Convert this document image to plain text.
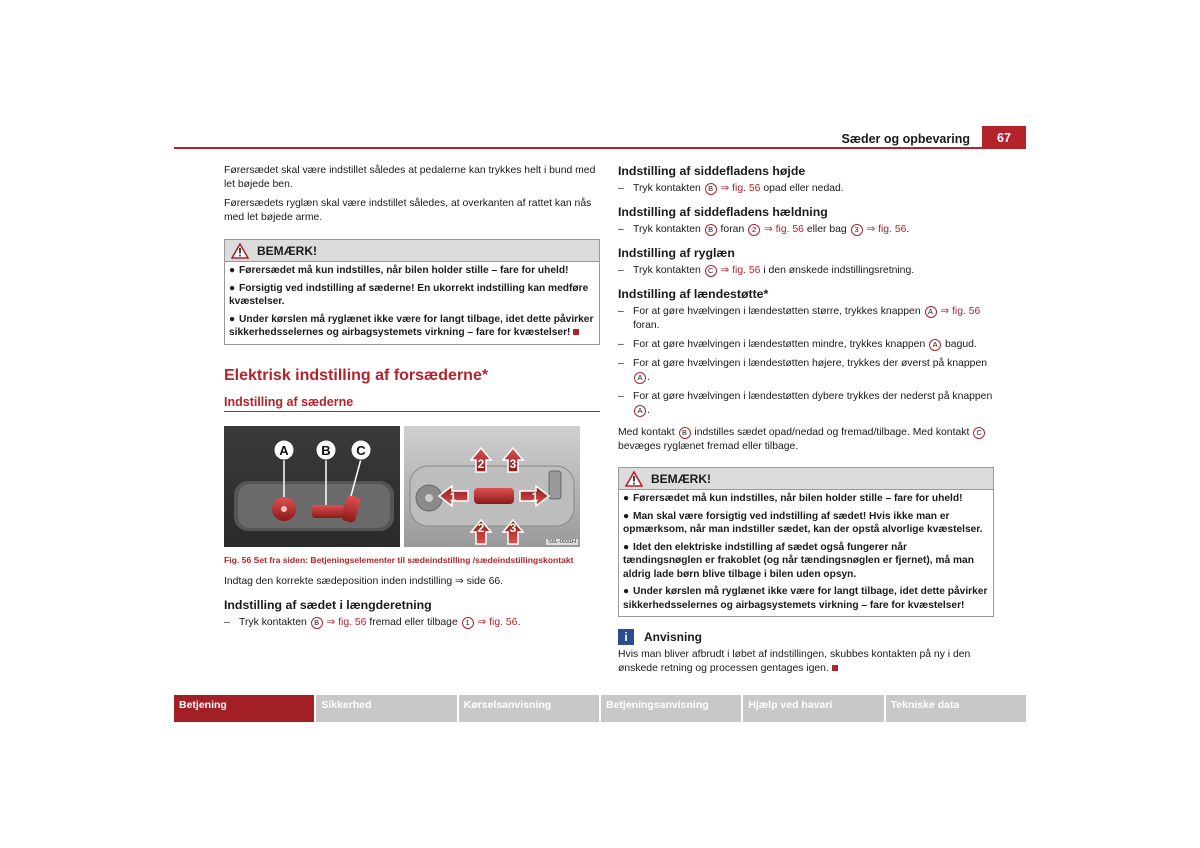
Sæder og opbevaring	67

Førersædet skal være indstillet således at pedalerne kan trykkes helt i bund med let bøjede ben.

Førersædets ryglæn skal være indstillet således, at overkanten af rattet kan nås med let bøjede arme.

BEMÆRK!
● Førersædet må kun indstilles, når bilen holder stille – fare for uheld!
● Forsigtig ved indstilling af sæderne! En ukorrekt indstilling kan medføre kvæstelser.
● Under kørslen må ryglænet ikke være for langt tilbage, idet dette påvirker sikkerhedsselernes og airbagsystemets virkning – fare for kvæstelser!
Elektrisk indstilling af forsæderne*
Indstilling af sæderne
A	B C
1	1
2 3
2 3
S6L-0031H
Fig. 56 Set fra siden: Betjeningselementer til sædeindstilling /sædeindstillingskontakt

Indtag den korrekte sædeposition inden indstilling ⇒ side 66.

Indstilling af sædet i længderetning
– Tryk kontakten B ⇒ fig. 56 fremad eller tilbage 1 ⇒ fig. 56.
Indstilling af siddefladens højde
– Tryk kontakten B ⇒ fig. 56 opad eller nedad.
Indstilling af siddefladens hældning
– Tryk kontakten B foran 2 ⇒ fig. 56 eller bag 3 ⇒ fig. 56.
Indstilling af ryglæn
– Tryk kontakten C ⇒ fig. 56 i den ønskede indstillingsretning.
Indstilling af lændestøtte*
– For at gøre hvælvingen i lændestøtten større, trykkes knappen A ⇒ fig. 56 foran.
– For at gøre hvælvingen i lændestøtten mindre, trykkes knappen A bagud.
– For at gøre hvælvingen i lændestøtten højere, trykkes der øverst på knappen A .
– For at gøre hvælvingen i lændestøtten dybere trykkes der nederst på knappen A .

Med kontakt B indstilles sædet opad/nedad og fremad/tilbage. Med kontakt C bevæges ryglænet fremad eller tilbage.

BEMÆRK!
● Førersædet må kun indstilles, når bilen holder stille – fare for uheld!
● Man skal være forsigtig ved indstilling af sædet! Hvis ikke man er opmærksom, når man indstiller sædet, kan der opstå alvorlige kvæstelser.
● Idet den elektriske indstilling af sædet også fungerer når tændingsnøglen er frakoblet (og når tændingsnøglen er fjernet), må man aldrig lade børn blive tilbage i bilen uden opsyn.
● Under kørslen må ryglænet ikke være for langt tilbage, idet dette påvirker sikkerhedsselernes og airbagsystemets virkning – fare for kvæstelser!
i	Anvisning

Hvis man bliver afbrudt i løbet af indstillingen, skubbes kontakten på ny i den ønskede retning og processen gentages igen.

Betjening	Sikkerhed	Kørselsanvisning	Betjeningsanvisning	Hjælp ved havari	Tekniske data
